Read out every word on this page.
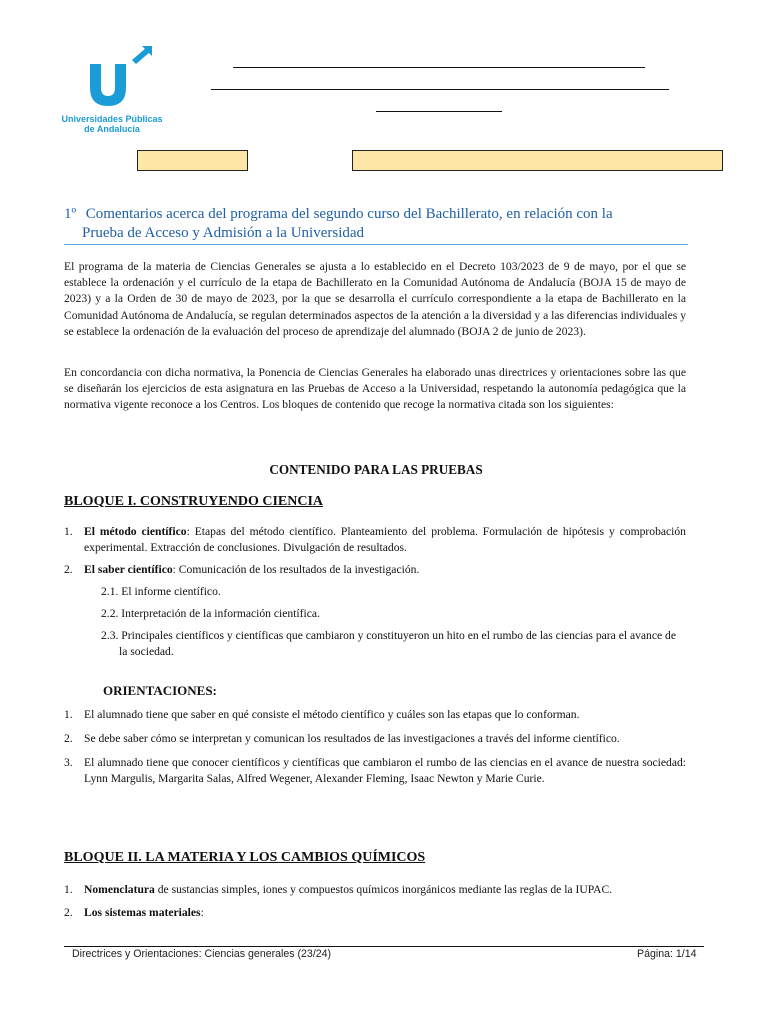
Universidades Públicas
de Andalucía
1º Comentarios acerca del programa del segundo curso del Bachillerato, en relación con la
Prueba de Acceso y Admisión a la Universidad
El programa de la materia de Ciencias Generales se ajusta a lo establecido en el Decreto 103/2023 de 9 de mayo, por el que se establece la ordenación y el currículo de la etapa de Bachillerato en la Comunidad Autónoma de Andalucía (BOJA 15 de mayo de 2023) y a la Orden de 30 de mayo de 2023, por la que se desarrolla el currículo correspondiente a la etapa de Bachillerato en la Comunidad Autónoma de Andalucía, se regulan determinados aspectos de la atención a la diversidad y a las diferencias individuales y se establece la ordenación de la evaluación del proceso de aprendizaje del alumnado (BOJA 2 de junio de 2023).
En concordancia con dicha normativa, la Ponencia de Ciencias Generales ha elaborado unas directrices y orientaciones sobre las que se diseñarán los ejercicios de esta asignatura en las Pruebas de Acceso a la Universidad, respetando la autonomía pedagógica que la normativa vigente reconoce a los Centros. Los bloques de contenido que recoge la normativa citada son los siguientes:
CONTENIDO PARA LAS PRUEBAS
BLOQUE I. CONSTRUYENDO CIENCIA
1. El método científico: Etapas del método científico. Planteamiento del problema. Formulación de hipótesis y comprobación experimental. Extracción de conclusiones. Divulgación de resultados.
2. El saber científico: Comunicación de los resultados de la investigación.
2.1. El informe científico.
2.2. Interpretación de la información científica.
2.3. Principales científicos y científicas que cambiaron y constituyeron un hito en el rumbo de las ciencias para el avance de la sociedad.
ORIENTACIONES:
1. El alumnado tiene que saber en qué consiste el método científico y cuáles son las etapas que lo conforman.
2. Se debe saber cómo se interpretan y comunican los resultados de las investigaciones a través del informe científico.
3. El alumnado tiene que conocer científicos y científicas que cambiaron el rumbo de las ciencias en el avance de nuestra sociedad: Lynn Margulis, Margarita Salas, Alfred Wegener, Alexander Fleming, Isaac Newton y Marie Curie.
BLOQUE II. LA MATERIA Y LOS CAMBIOS QUÍMICOS
1. Nomenclatura de sustancias simples, iones y compuestos químicos inorgánicos mediante las reglas de la IUPAC.
2. Los sistemas materiales:
Directrices y Orientaciones: Ciencias generales (23/24)	Página: 1/14
